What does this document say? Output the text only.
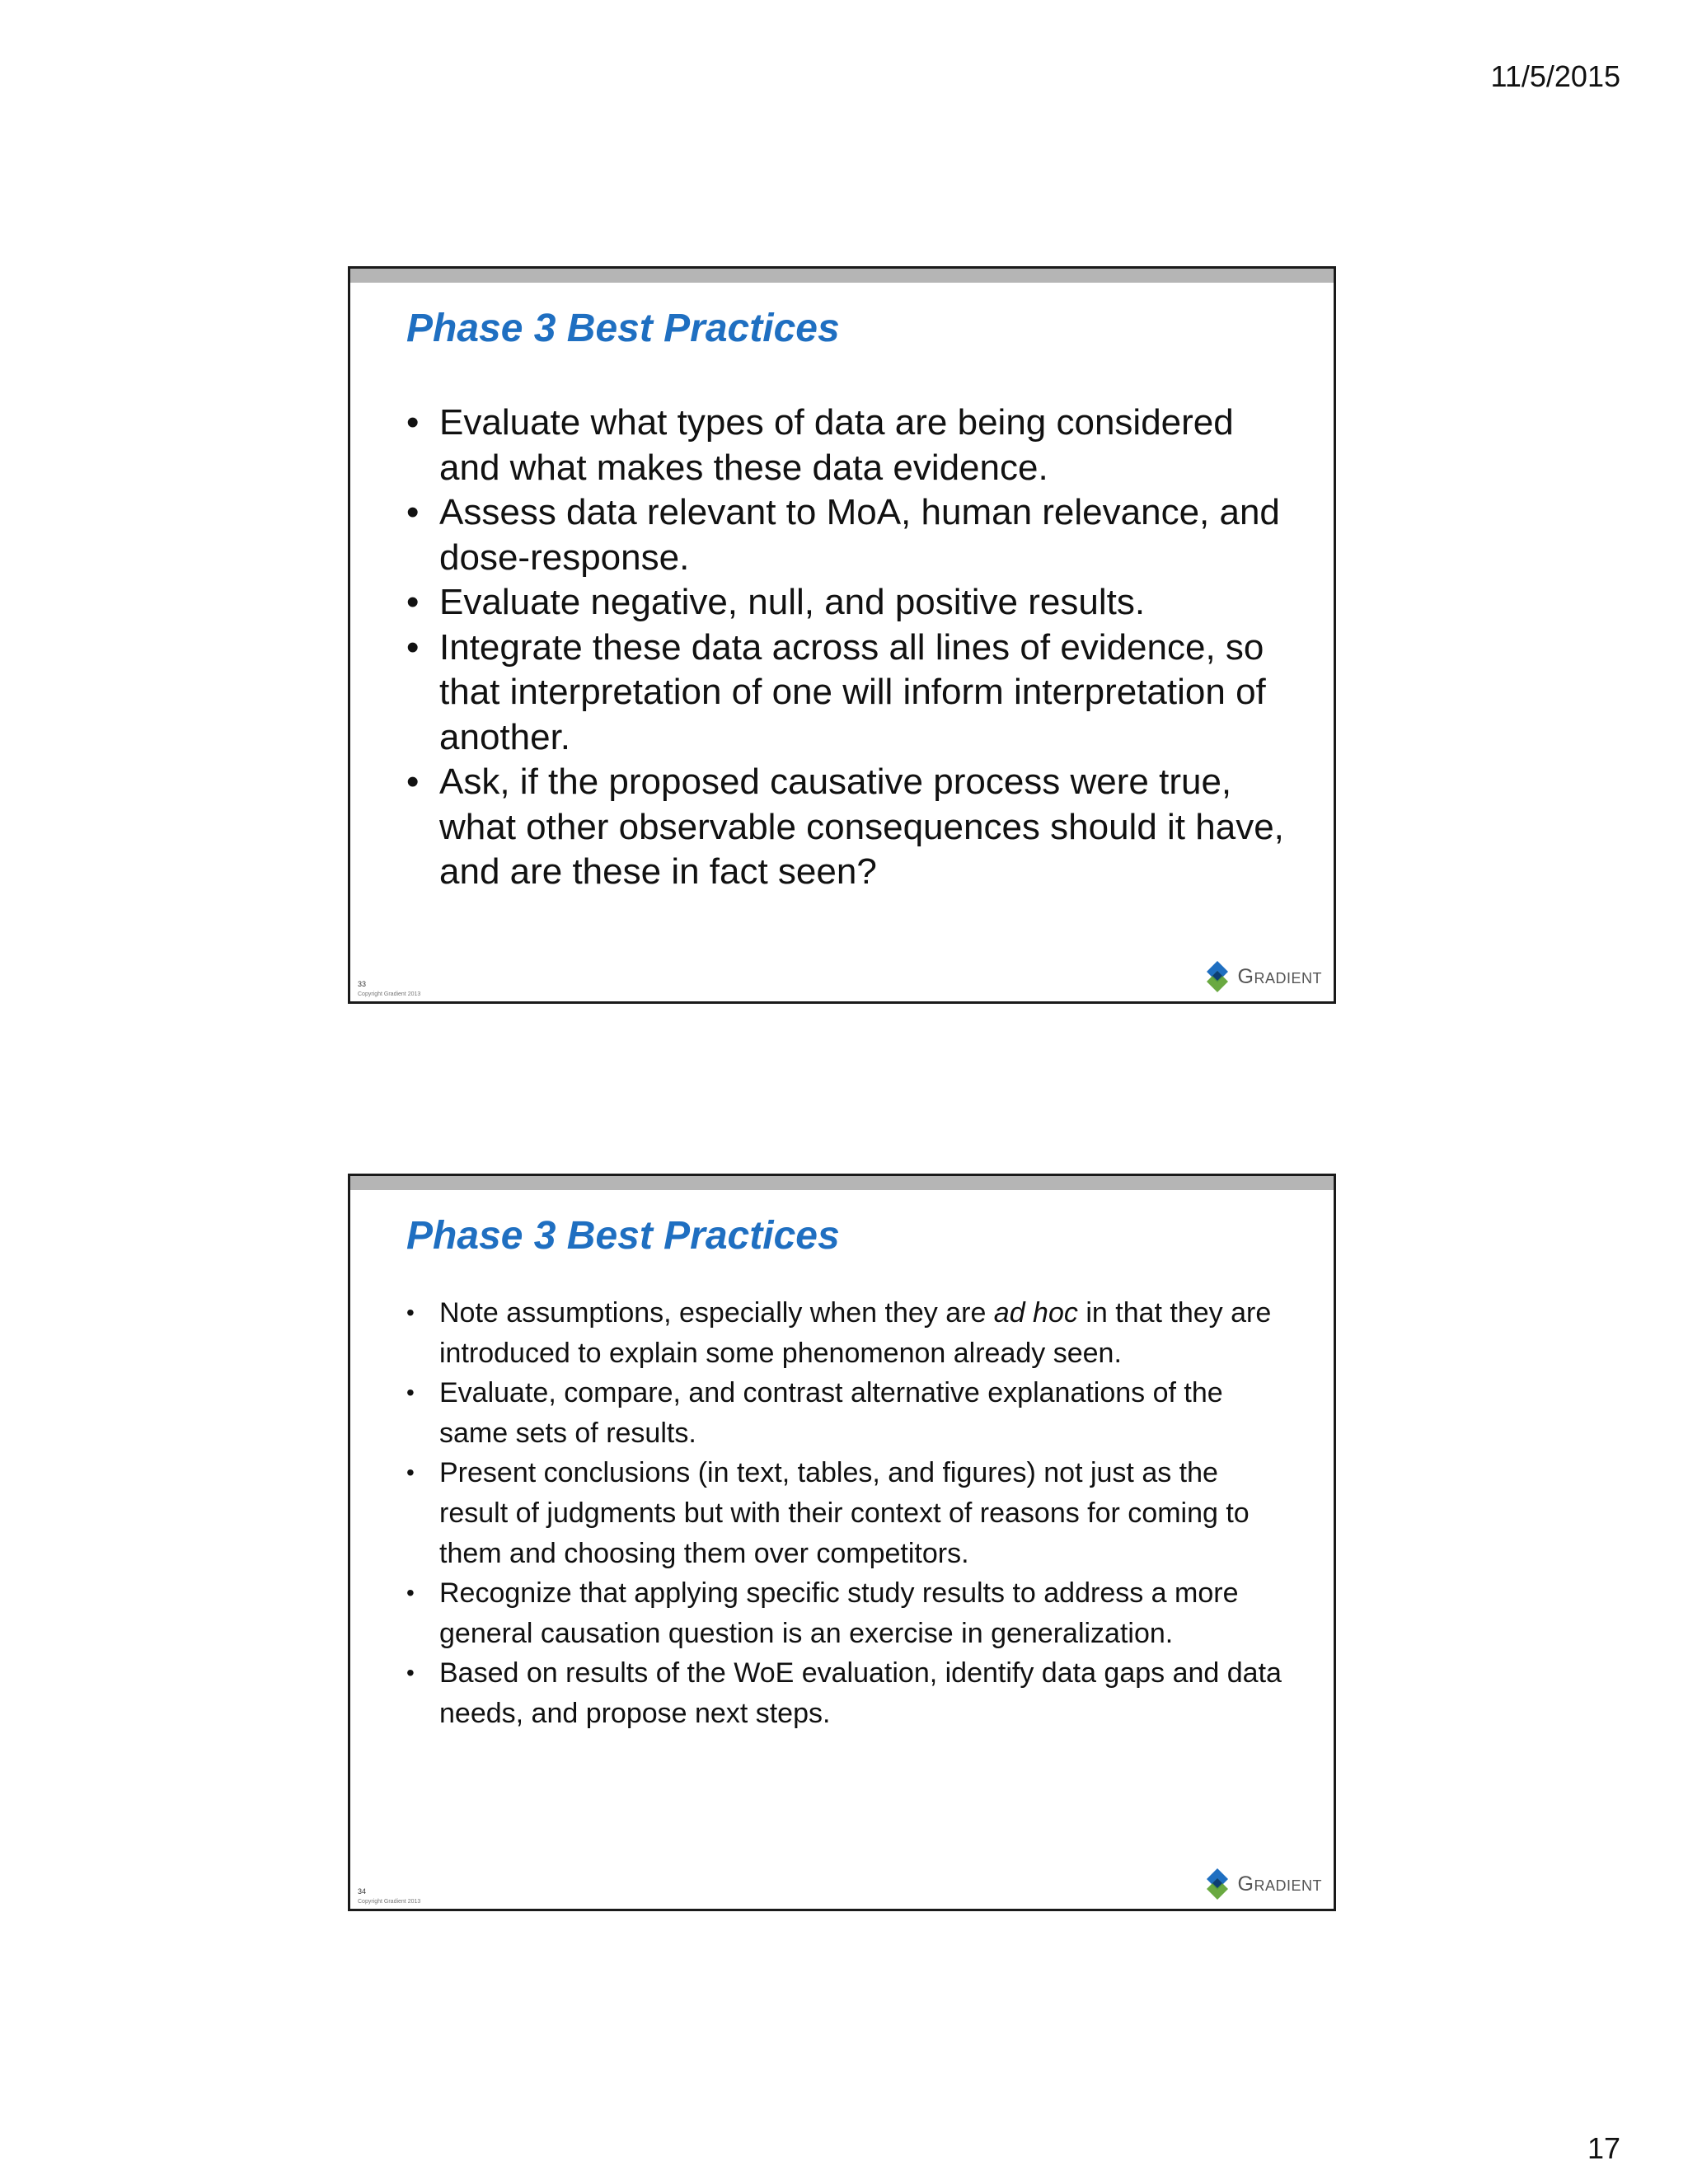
11/5/2015
Phase 3 Best Practices
• Evaluate what types of data are being considered and what makes these data evidence.
• Assess data relevant to MoA, human relevance, and dose-response.
• Evaluate negative, null, and positive results.
• Integrate these data across all lines of evidence, so that interpretation of one will inform interpretation of another.
• Ask, if the proposed causative process were true, what other observable consequences should it have, and are these in fact seen?
33
Copyright Gradient 2013
Gradient
Phase 3 Best Practices
• Note assumptions, especially when they are ad hoc in that they are introduced to explain some phenomenon already seen.
• Evaluate, compare, and contrast alternative explanations of the same sets of results.
• Present conclusions (in text, tables, and figures) not just as the result of judgments but with their context of reasons for coming to them and choosing them over competitors.
• Recognize that applying specific study results to address a more general causation question is an exercise in generalization.
• Based on results of the WoE evaluation, identify data gaps and data needs, and propose next steps.
34
Copyright Gradient 2013
Gradient
17
